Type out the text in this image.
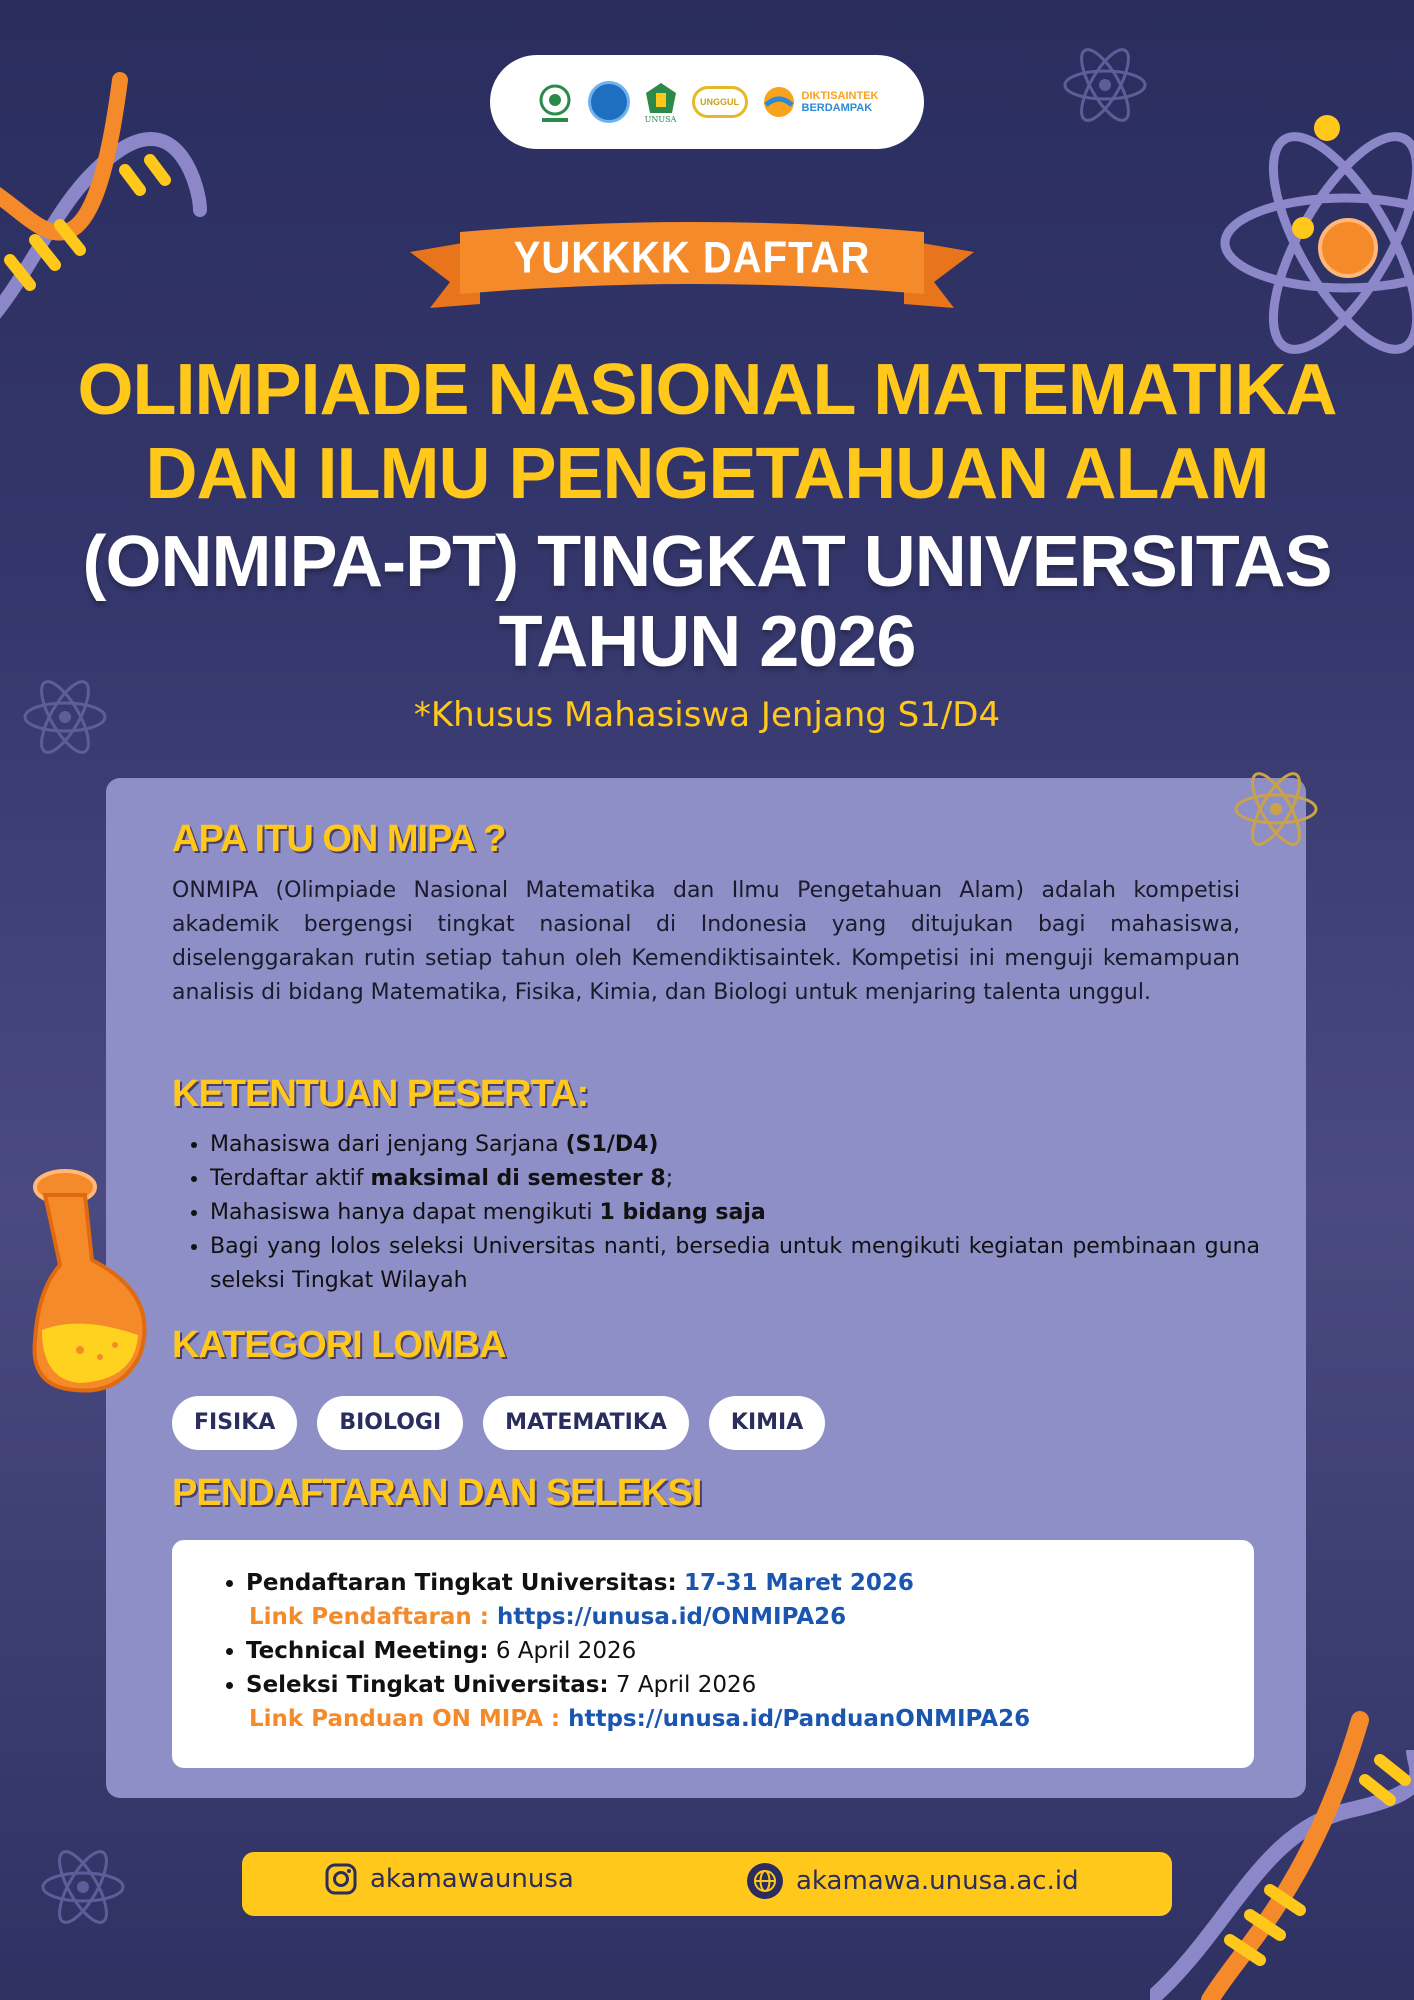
UNUSA
UNGGUL	DIKTISAINTEK
BERDAMPAK
YUKKKK DAFTAR
OLIMPIADE NASIONAL MATEMATIKA
DAN ILMU PENGETAHUAN ALAM
(ONMIPA-PT) TINGKAT UNIVERSITAS
TAHUN 2026
*Khusus Mahasiswa Jenjang S1/D4
APA ITU ON MIPA ?
ONMIPA (Olimpiade Nasional Matematika dan Ilmu Pengetahuan Alam) adalah kompetisi akademik bergengsi tingkat nasional di Indonesia yang ditujukan bagi mahasiswa, diselenggarakan rutin setiap tahun oleh Kemendiktisaintek. Kompetisi ini menguji kemampuan analisis di bidang Matematika, Fisika, Kimia, dan Biologi untuk menjaring talenta unggul.
KETENTUAN PESERTA:
• Mahasiswa dari jenjang Sarjana (S1/D4)
• Terdaftar aktif maksimal di semester 8;
• Mahasiswa hanya dapat mengikuti 1 bidang saja
• Bagi yang lolos seleksi Universitas nanti, bersedia untuk mengikuti kegiatan pembinaan guna seleksi Tingkat Wilayah
KATEGORI LOMBA
FISIKA	BIOLOGI	MATEMATIKA	KIMIA
PENDAFTARAN DAN SELEKSI
• Pendaftaran Tingkat Universitas: 17-31 Maret 2026
Link Pendaftaran : https://unusa.id/ONMIPA26
• Technical Meeting: 6 April 2026
• Seleksi Tingkat Universitas: 7 April 2026
Link Panduan ON MIPA : https://unusa.id/PanduanONMIPA26
akamawaunusa	akamawa.unusa.ac.id
